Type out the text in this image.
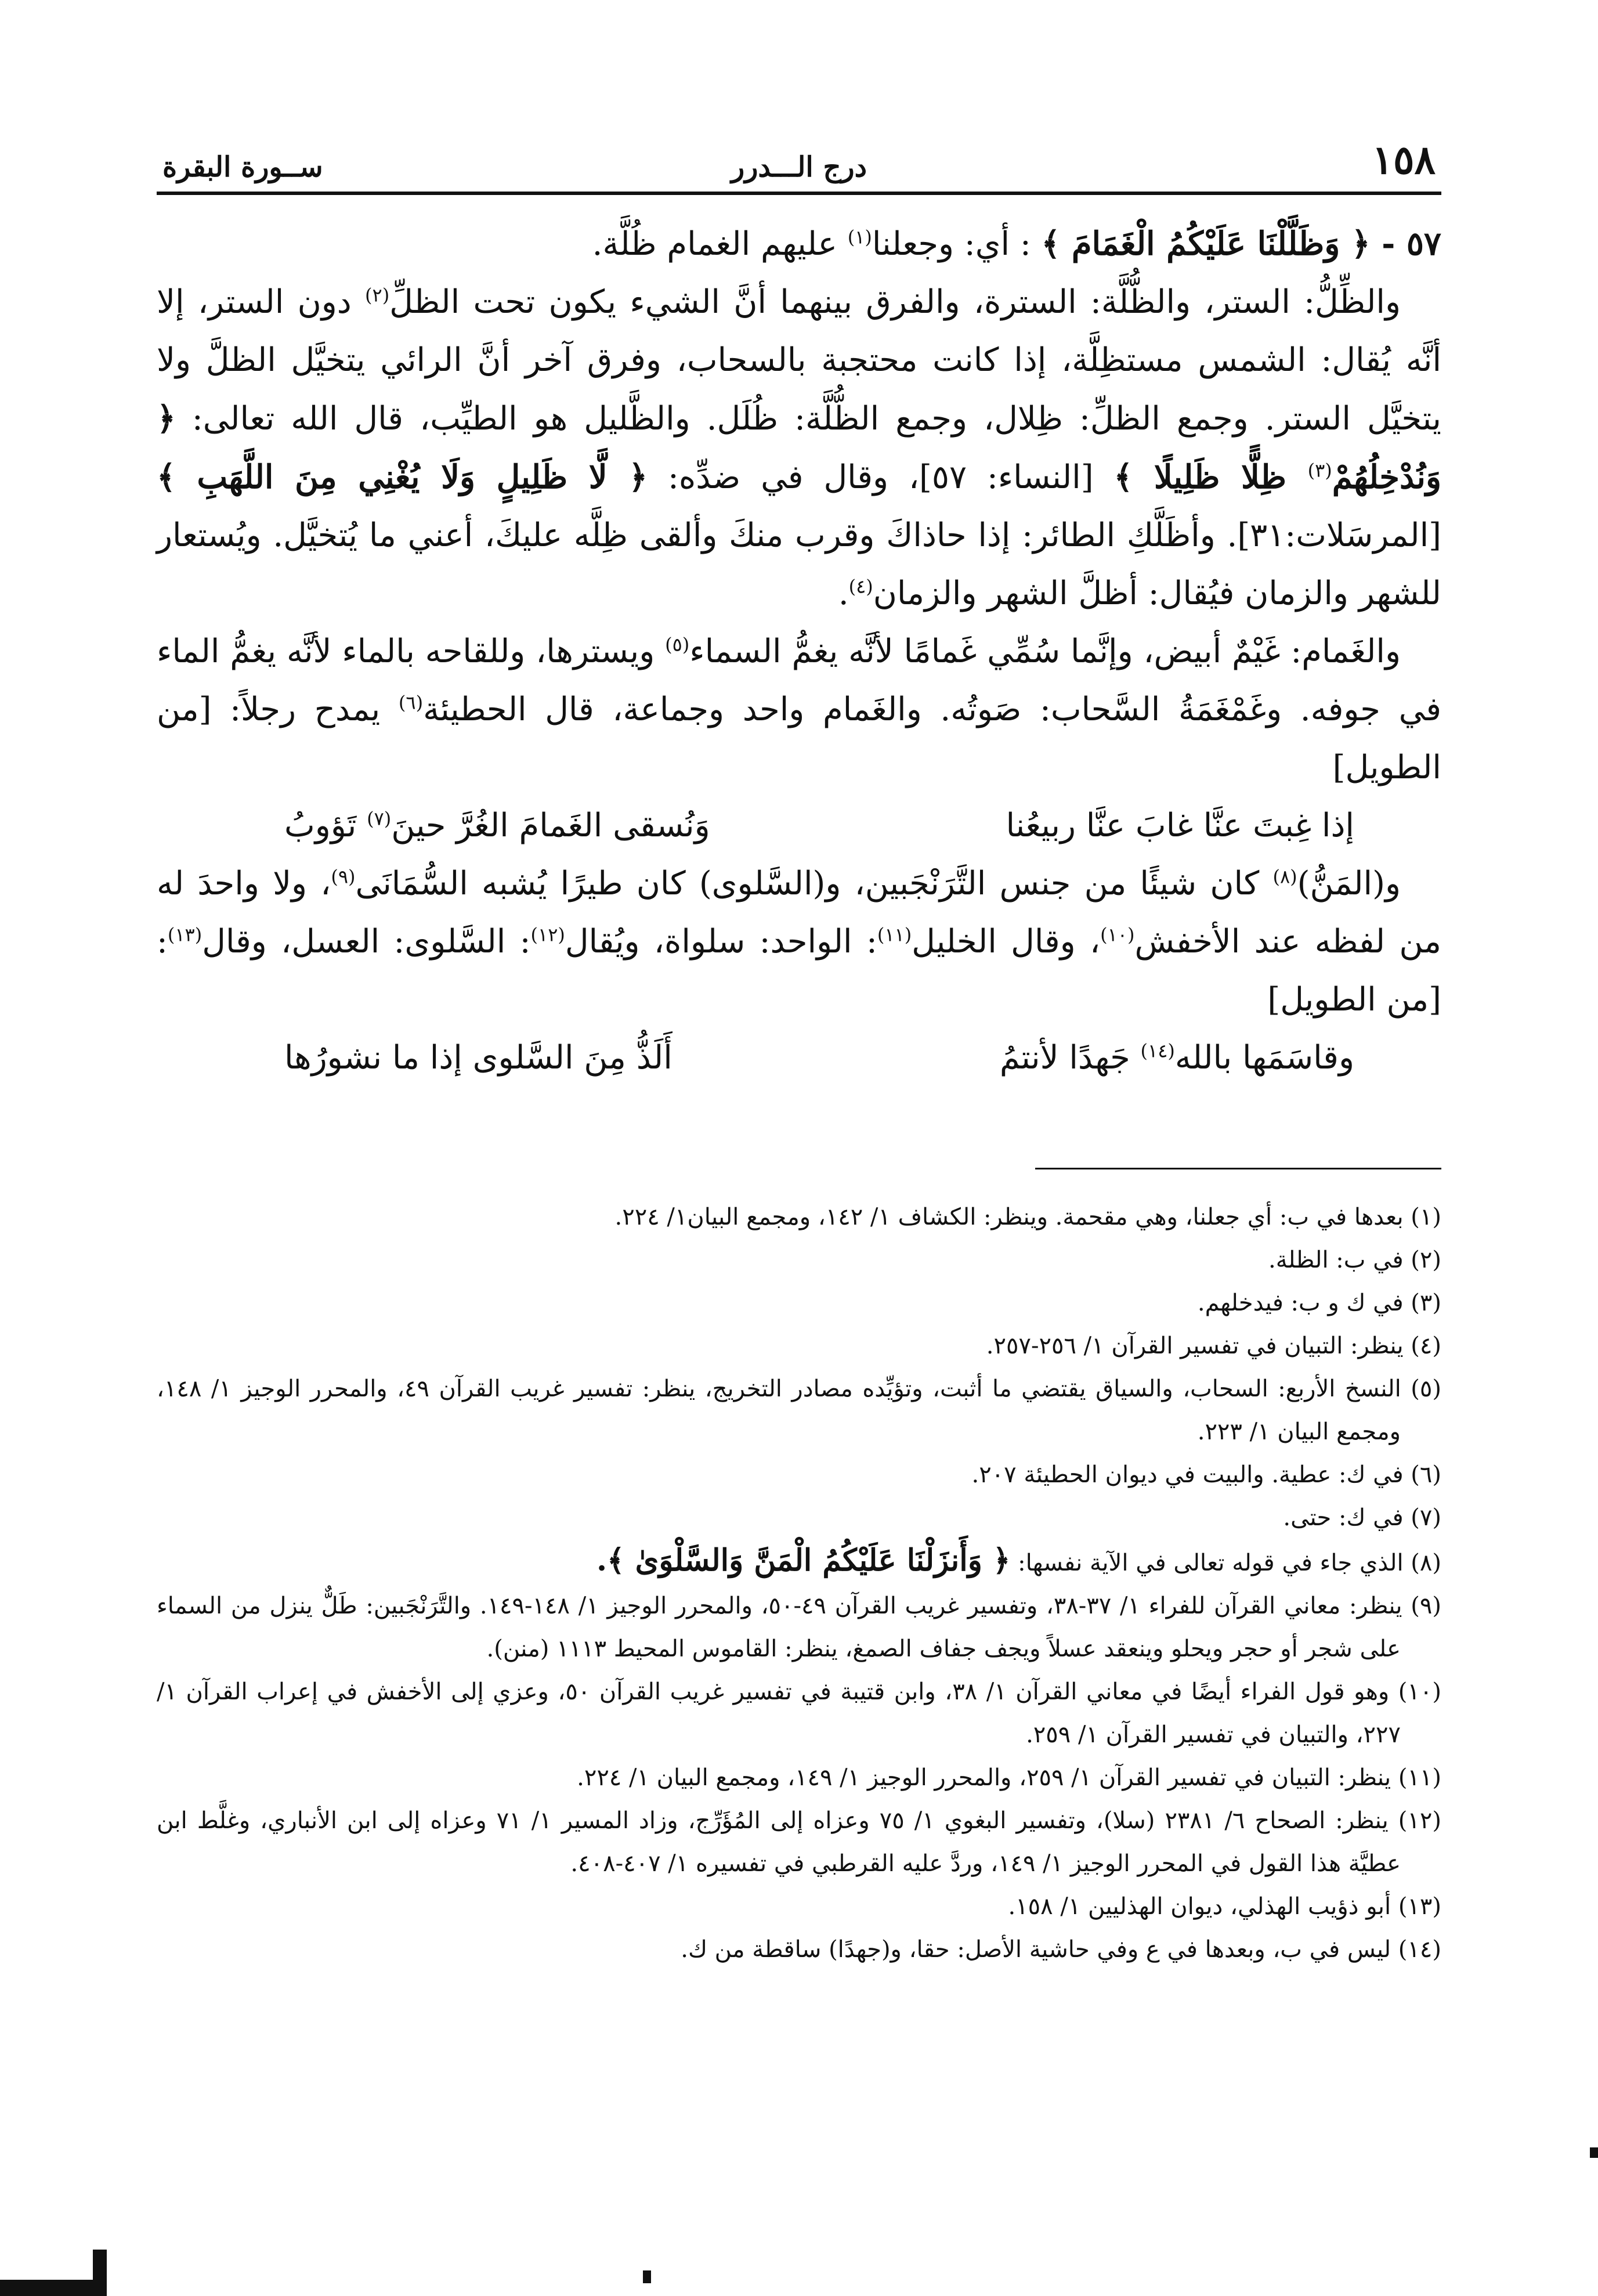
١٥٨
درج الـــدرر
ســورة البقرة

٥٧ - ﴿ وَظَلَّلْنَا عَلَيْكُمُ الْغَمَامَ ﴾ : أي: وجعلنا$^{(١)}$ عليهم الغمام ظُلَّة.

والظِّلُّ: الستر، والظُّلَّة: السترة، والفرق بينهما أنَّ الشيء يكون تحت الظلِّ$^{(٢)}$ دون الستر، إلا أنَّه يُقال: الشمس مستظِلَّة، إذا كانت محتجبة بالسحاب، وفرق آخر أنَّ الرائي يتخيَّل الظلَّ ولا يتخيَّل الستر. وجمع الظلِّ: ظِلال، وجمع الظُّلَّة: ظُلَل. والظَّليل هو الطيِّب، قال الله تعالى: ﴿ وَنُدْخِلُهُمْ$^{(٣)}$ ظِلًّا ظَلِيلًا ﴾ [النساء: ٥٧]، وقال في ضدِّه: ﴿ لَّا ظَلِيلٍ وَلَا يُغْنِي مِنَ اللَّهَبِ ﴾ [المرسَلات:٣١]. وأظَلَّكِ الطائر: إذا حاذاكَ وقرب منكَ وألقى ظِلَّه عليكَ، أعني ما يُتخيَّل. ويُستعار للشهر والزمان فيُقال: أظلَّ الشهر والزمان$^{(٤)}$.

والغَمام: غَيْمٌ أبيض، وإنَّما سُمِّي غَمامًا لأنَّه يغمُّ السماء$^{(٥)}$ ويسترها، وللقاحه بالماء لأنَّه يغمُّ الماء في جوفه. وغَمْغَمَةُ السَّحاب: صَوتُه. والغَمام واحد وجماعة، قال الحطيئة$^{(٦)}$ يمدح رجلاً: [من الطويل]

إذا غِبتَ عنَّا غابَ عنَّا ربيعُنا
وَنُسقى الغَمامَ الغُرَّ حينَ$^{(٧)}$ تَؤوبُ

و(المَنُّ)$^{(٨)}$ كان شيئًا من جنس التَّرَنْجَبين، و(السَّلوى) كان طيرًا يُشبه السُّمَانَى$^{(٩)}$، ولا واحدَ له من لفظه عند الأخفش$^{(١٠)}$، وقال الخليل$^{(١١)}$: الواحد: سلواة، ويُقال$^{(١٢)}$: السَّلوى: العسل، وقال$^{(١٣)}$: [من الطويل]

وقاسَمَها بالله$^{(١٤)}$ جَهدًا لأنتمُ
أَلَذُّ مِنَ السَّلوى إذا ما نشورُها

(١) بعدها في ب: أي جعلنا، وهي مقحمة. وينظر: الكشاف ١/ ١٤٢، ومجمع البيان١/ ٢٢٤.

(٢) في ب: الظلة.

(٣) في ك و ب: فيدخلهم.

(٤) ينظر: التبيان في تفسير القرآن ١/ ٢٥٦-٢٥٧.

(٥) النسخ الأربع: السحاب، والسياق يقتضي ما أثبت، وتؤيِّده مصادر التخريج، ينظر: تفسير غريب القرآن ٤٩، والمحرر الوجيز ١/ ١٤٨، ومجمع البيان ١/ ٢٢٣.

(٦) في ك: عطية. والبيت في ديوان الحطيئة ٢٠٧.

(٧) في ك: حتى.

(٨) الذي جاء في قوله تعالى في الآية نفسها: ﴿ وَأَنزَلْنَا عَلَيْكُمُ الْمَنَّ وَالسَّلْوَىٰ ﴾.

(٩) ينظر: معاني القرآن للفراء ١/ ٣٧-٣٨، وتفسير غريب القرآن ٤٩-٥٠، والمحرر الوجيز ١/ ١٤٨-١٤٩. والتَّرَنْجَبين: طَلٌّ ينزل من السماء على شجر أو حجر ويحلو وينعقد عسلاً ويجف جفاف الصمغ، ينظر: القاموس المحيط ١١١٣ (منن).

(١٠) وهو قول الفراء أيضًا في معاني القرآن ١/ ٣٨، وابن قتيبة في تفسير غريب القرآن ٥٠، وعزي إلى الأخفش في إعراب القرآن ١/ ٢٢٧، والتبيان في تفسير القرآن ١/ ٢٥٩.

(١١) ينظر: التبيان في تفسير القرآن ١/ ٢٥٩، والمحرر الوجيز ١/ ١٤٩، ومجمع البيان ١/ ٢٢٤.

(١٢) ينظر: الصحاح ٦/ ٢٣٨١ (سلا)، وتفسير البغوي ١/ ٧٥ وعزاه إلى المُؤَرِّج، وزاد المسير ١/ ٧١ وعزاه إلى ابن الأنباري، وغلَّط ابن عطيَّة هذا القول في المحرر الوجيز ١/ ١٤٩، وردَّ عليه القرطبي في تفسيره ١/ ٤٠٧-٤٠٨.

(١٣) أبو ذؤيب الهذلي، ديوان الهذليين ١/ ١٥٨.

(١٤) ليس في ب، وبعدها في ع وفي حاشية الأصل: حقا، و(جهدًا) ساقطة من ك.
